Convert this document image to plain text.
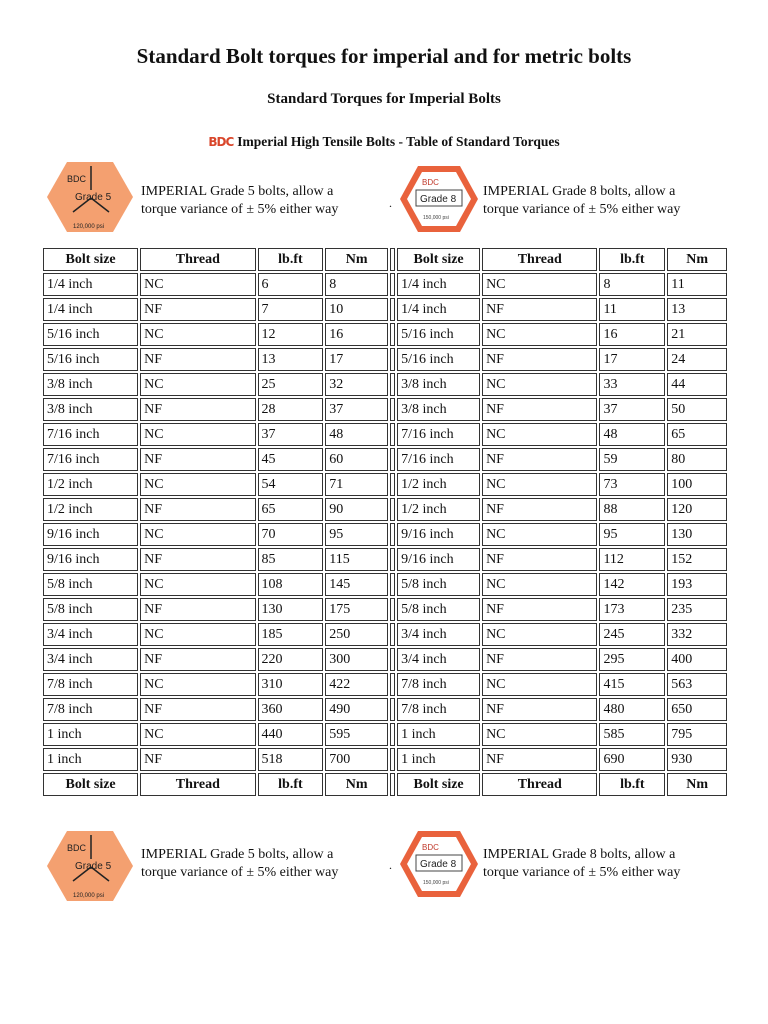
Standard Bolt torques for imperial and for metric bolts
Standard Torques for Imperial Bolts
BDC Imperial High Tensile Bolts - Table of Standard Torques
BDC
Grade 5
120,000 psi
IMPERIAL Grade 5 bolts, allow a
torque variance of ± 5% either way	.
BDC
Grade 8
150,000 psi
IMPERIAL Grade 8 bolts, allow a
torque variance of ± 5% either way
Bolt size	Thread	lb.ft	Nm		Bolt size	Thread	lb.ft	Nm
1/4 inch	NC	6	8		1/4 inch	NC	8	11
1/4 inch	NF	7	10		1/4 inch	NF	11	13
5/16 inch	NC	12	16		5/16 inch	NC	16	21
5/16 inch	NF	13	17		5/16 inch	NF	17	24
3/8 inch	NC	25	32		3/8 inch	NC	33	44
3/8 inch	NF	28	37		3/8 inch	NF	37	50
7/16 inch	NC	37	48		7/16 inch	NC	48	65
7/16 inch	NF	45	60		7/16 inch	NF	59	80
1/2 inch	NC	54	71		1/2 inch	NC	73	100
1/2 inch	NF	65	90		1/2 inch	NF	88	120
9/16 inch	NC	70	95		9/16 inch	NC	95	130
9/16 inch	NF	85	115		9/16 inch	NF	112	152
5/8 inch	NC	108	145		5/8 inch	NC	142	193
5/8 inch	NF	130	175		5/8 inch	NF	173	235
3/4 inch	NC	185	250		3/4 inch	NC	245	332
3/4 inch	NF	220	300		3/4 inch	NF	295	400
7/8 inch	NC	310	422		7/8 inch	NC	415	563
7/8 inch	NF	360	490		7/8 inch	NF	480	650
1 inch	NC	440	595		1 inch	NC	585	795
1 inch	NF	518	700		1 inch	NF	690	930
Bolt size	Thread	lb.ft	Nm		Bolt size	Thread	lb.ft	Nm
BDC
Grade 5
120,000 psi
IMPERIAL Grade 5 bolts, allow a
torque variance of ± 5% either way	.
BDC
Grade 8
150,000 psi
IMPERIAL Grade 8 bolts, allow a
torque variance of ± 5% either way
